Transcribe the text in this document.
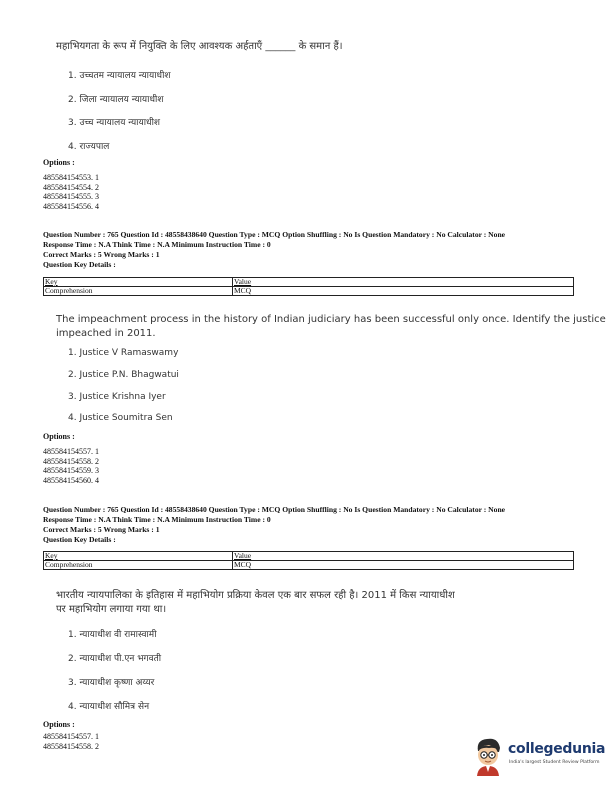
महाभियगता के रूप में नियुक्ति के लिए आवश्यक अर्हताएँ ______ के समान हैं।
1. उच्चतम न्यायालय न्यायाधीश
2. जिला न्यायालय न्यायाधीश
3. उच्च न्यायालय न्यायाधीश
4. राज्यपाल
Options :
485584154553. 1
485584154554. 2
485584154555. 3
485584154556. 4
Question Number : 765 Question Id : 48558438640 Question Type : MCQ Option Shuffling : No Is Question Mandatory : No Calculator : None
Response Time : N.A Think Time : N.A Minimum Instruction Time : 0
Correct Marks : 5 Wrong Marks : 1
Question Key Details :
Key	Value
Comprehension	MCQ
The impeachment process in the history of Indian judiciary has been successful only once. Identify the justice
impeached in 2011.
1. Justice V Ramaswamy
2. Justice P.N. Bhagwatui
3. Justice Krishna Iyer
4. Justice Soumitra Sen
Options :
485584154557. 1
485584154558. 2
485584154559. 3
485584154560. 4
Question Number : 765 Question Id : 48558438640 Question Type : MCQ Option Shuffling : No Is Question Mandatory : No Calculator : None
Response Time : N.A Think Time : N.A Minimum Instruction Time : 0
Correct Marks : 5 Wrong Marks : 1
Question Key Details :
Key	Value
Comprehension	MCQ
भारतीय न्यायपालिका के इतिहास में महाभियोग प्रक्रिया केवल एक बार सफल रही है। 2011 में किस न्यायाधीश
पर महाभियोग लगाया गया था।
1. न्यायाधीश वी रामास्वामी
2. न्यायाधीश पी.एन भगवती
3. न्यायाधीश कृष्णा अय्यर
4. न्यायाधीश सौमित्र सेन
Options :
485584154557. 1
485584154558. 2	collegedunia
India's largest Student Review Platform
